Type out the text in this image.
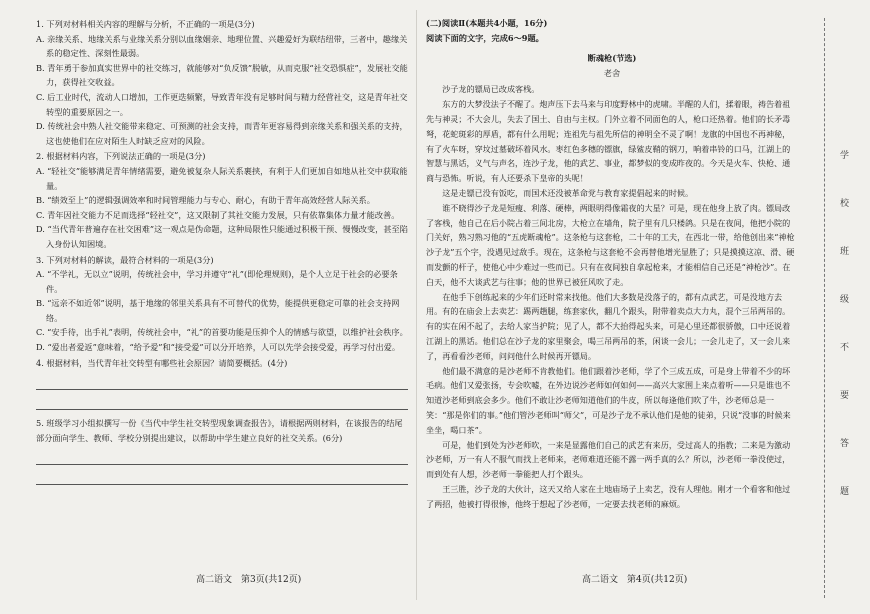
1. 下列对材料相关内容的理解与分析，不正确的一项是(3分)

A. 亲缘关系、地缘关系与业缘关系分别以血缘姻亲、地理位置、兴趣爱好为联结纽带，三者中，趣缘关系的稳定性、深刻性最弱。

B. 青年勇于参加真实世界中的社交练习，就能够对“负反馈”脱敏，从而克服“社交恐惧症”，发展社交能力，获得社交收益。

C. 后工业时代，流动人口增加，工作更迭频繁，导致青年没有足够时间与精力经营社交，这是青年社交转型的重要原因之一。

D. 传统社会中熟人社交能带来稳定、可预测的社会支持，而青年更容易得到亲缘关系和强关系的支持，这也使他们在应对陌生人时缺乏应对的风险。

2. 根据材料内容，下列说法正确的一项是(3分)

A. “轻社交”能够满足青年情绪需要，避免被复杂人际关系裹挟，有利于人们更加自如地从社交中获取能量。

B. “绩效至上”的逻辑强调效率和时间管理能力与专心、耐心，有助于青年高效经营人际关系。

C. 青年因社交能力不足而选择“轻社交”，这又限制了其社交能力发展，只有依靠集体力量才能改善。

D. “当代青年普遍存在社交困难”这一观点是伪命题，这种局限性只能通过积极干预、慢慢改变，甚至陷入身份认知困境。

3. 下列对材料的解读，最符合材料的一项是(3分)

A. “不学礼，无以立”说明，传统社会中，学习并遵守“礼”(即伦理规则)，是个人立足于社会的必要条件。

B. “远亲不如近邻”说明，基于地缘的邻里关系具有不可替代的优势，能提供更稳定可靠的社会支持网络。

C. “安手待，出手礼”表明，传统社会中，“礼”的首要功能是压抑个人的情感与欲望，以维护社会秩序。

D. “爱出者爱返”意味着，“给予爱”和“接受爱”可以分开培养，人可以先学会接受爱，再学习付出爱。

4. 根据材料，当代青年社交转型有哪些社会原因？请简要概括。(4分)

5. 班级学习小组拟撰写一份《当代中学生社交转型现象调查报告》，请根据两则材料，在该报告的结尾部分面向学生、教师、学校分别提出建议，以帮助中学生建立良好的社交关系。(6分)

(二)阅读Ⅱ(本题共4小题，16分)
阅读下面的文字，完成6～9题。
断魂枪(节选)
老舍

沙子龙的镖局已改成客栈。

东方的大梦没法子不醒了。炮声压下去马来与印度野林中的虎啸。半醒的人们，揉着眼，祷告着祖先与神灵；不大会儿，失去了国土、自由与主权。门外立着不同面色的人，枪口还热着。他们的长矛毒弩，花蛇斑彩的厚盾，都有什么用呢；连祖先与祖先所信的神明全不灵了啊！龙旗的中国也不再神秘，有了火车呀，穿坟过墓破坏着风水。枣红色多穗的镖旗，绿鲨皮鞘的钢刀，响着串铃的口马，江湖上的智慧与黑话，义气与声名，连沙子龙，他的武艺、事业，都梦似的变成昨夜的。今天是火车、快枪、通商与恐怖。听说，有人还要杀下皇帝的头呢！

这是走镖已没有饭吃，而国术还没被革命党与教育家提倡起来的时候。

谁不晓得沙子龙是短瘦、利落、硬棒，两眼明得像霜夜的大星？可是，现在他身上放了肉。镖局改了客栈，他自己在后小院占着三间北房，大枪立在墙角，院子里有几只楼鸽。只是在夜间，他把小院的门关好，熟习熟习他的“五虎断魂枪”。这条枪与这套枪，二十年的工夫，在西北一带，给他创出来“神枪沙子龙”五个字，没遇见过敌手。现在，这条枪与这套枪不会再替他增光显胜了；只是摸摸这凉、滑、硬而发颤的杆子，使他心中少难过一些而已。只有在夜间独自拿起枪来，才能相信自己还是“神枪沙”。在白天，他不大谈武艺与往事；他的世界已被狂风吹了走。

在他手下创练起来的少年们还时常来找他。他们大多数是没落子的，都有点武艺，可是没地方去用。有的在庙会上去卖艺：踢两趟腿，练套家伙，翻几个跟头，附带着卖点大力丸，混个三吊两吊的。有的实在闲不起了，去给人家当护院；见了人，都不大抬得起头来，可是心里还都很骄傲，口中还说着江湖上的黑话。他们总在沙子龙的家里聚会，喝三吊两吊的茶，闲谈一会儿；一会儿走了，又一会儿来了，再看看沙老师，问问他什么时候再开镖局。

他们最不满意的是沙老师不肯教他们。他们跟着沙老师，学了个三成五成，可是身上带着不少的坏毛病。他们又爱张扬，专会吹嘘，在外边说沙老师如何如何——高兴大家围上来点着听——只是谁也不知道沙老师到底会多少。他们不敢让沙老师知道他们的牛皮，所以每逢他们吹了牛，沙老师总是一笑：“那是你们的事。”他们管沙老师叫“师父”，可是沙子龙不承认他们是他的徒弟，只说“没事的时候来坐坐，喝口茶”。

可是，他们到处为沙老师吹，一来是显露他们自己的武艺有来历，受过高人的指教；二来是为激动沙老师，万一有人不服气而找上老师来，老师难道还能不露一两手真的么？所以，沙老师一拳没使过，而到处有人想，沙老师一拳能把人打个跟头。

王三胜，沙子龙的大伙计，这天又给人家在土地庙场子上卖艺，没有人理他。刚才一个看客和他过了两招，他被打得很惨，他终于想起了沙老师，一定要去找老师的麻烦。

高二语文　第3页(共12页)	高二语文　第4页(共12页)
学
校
班
级
不
要
答
题
